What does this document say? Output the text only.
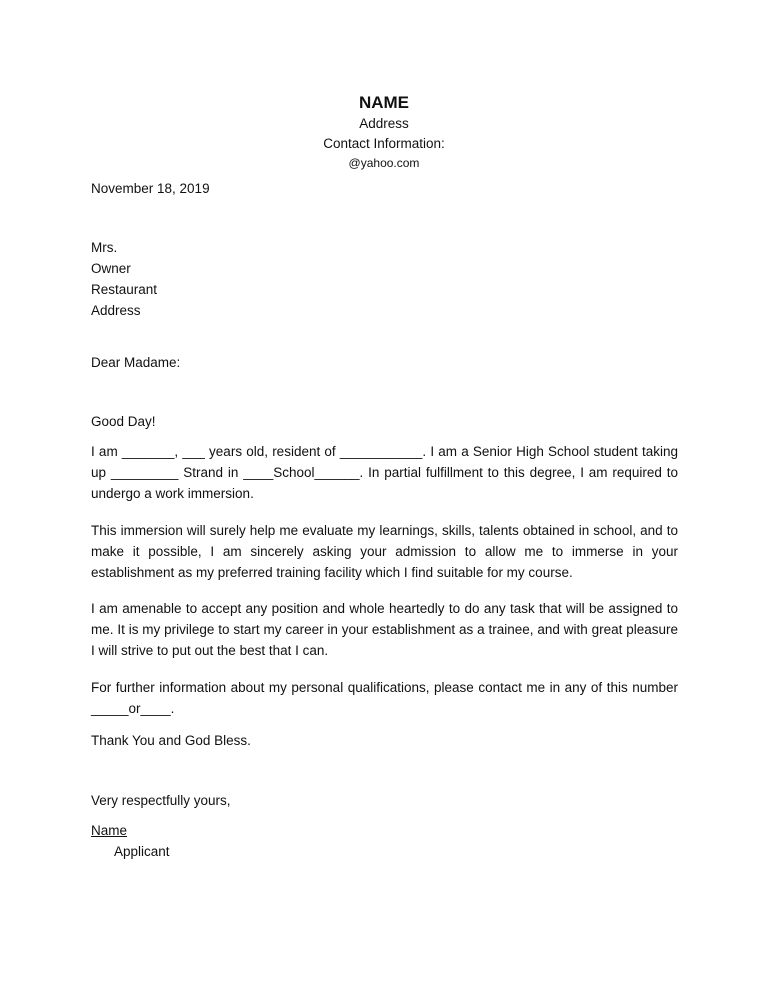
NAME

Address

Contact Information:

@yahoo.com

November 18, 2019
Mrs.
Owner
Restaurant
Address
Dear Madame:
Good Day!

I am _______, ___ years old, resident of ___________. I am a Senior High School student taking up _________ Strand in ____School______. In partial fulfillment to this degree, I am required to undergo a work immersion.

This immersion will surely help me evaluate my learnings, skills, talents obtained in school, and to make it possible, I am sincerely asking your admission to allow me to immerse in your establishment as my preferred training facility which I find suitable for my course.

I am amenable to accept any position and whole heartedly to do any task that will be assigned to me. It is my privilege to start my career in your establishment as a trainee, and with great pleasure I will strive to put out the best that I can.

For further information about my personal qualifications, please contact me in any of this number _____or____.

Thank You and God Bless.
Very respectfully yours,
Name
Applicant
